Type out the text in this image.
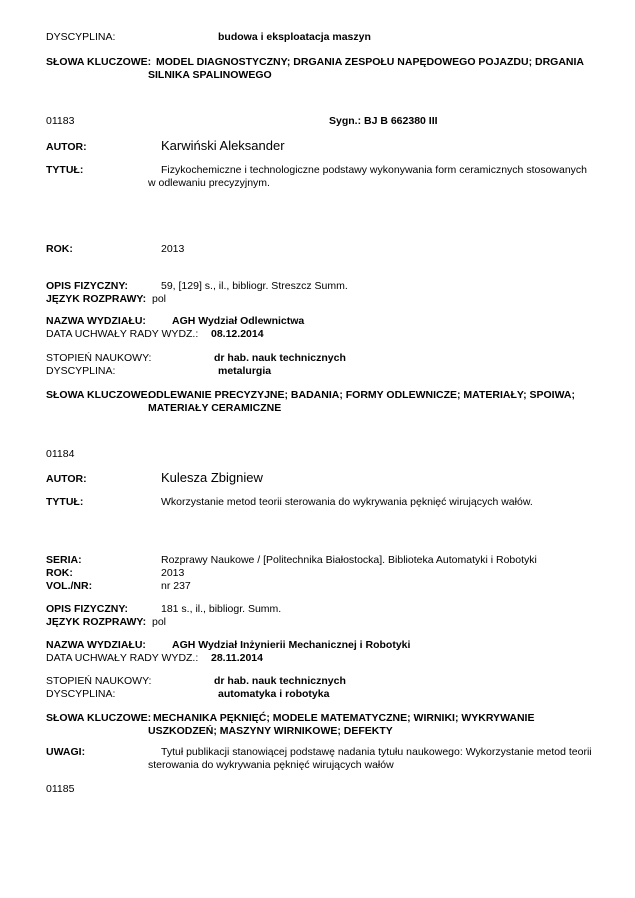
DYSCYPLINA:	budowa i eksploatacja maszyn
SŁOWA KLUCZOWE: MODEL DIAGNOSTYCZNY; DRGANIA ZESPOŁU NAPĘDOWEGO POJAZDU; DRGANIA
SILNIKA SPALINOWEGO
01183	Sygn.: BJ B 662380 III
AUTOR:	Karwiński Aleksander
TYTUŁ:	Fizykochemiczne i technologiczne podstawy wykonywania form ceramicznych stosowanych
w odlewaniu precyzyjnym.
ROK:	2013
OPIS FIZYCZNY:	59, [129] s., il., bibliogr. Streszcz Summ.
JĘZYK ROZPRAWY: pol
NAZWA WYDZIAŁU: AGH Wydział Odlewnictwa
DATA UCHWAŁY RADY WYDZ.: 08.12.2014
STOPIEŃ NAUKOWY:	dr hab. nauk technicznych
DYSCYPLINA:	metalurgia
SŁOWA KLUCZOWE:
ODLEWANIE PRECYZYJNE; BADANIA; FORMY ODLEWNICZE; MATERIAŁY; SPOIWA;
MATERIAŁY CERAMICZNE
01184
AUTOR:	Kulesza Zbigniew
TYTUŁ:	Wkorzystanie metod teorii sterowania do wykrywania pęknięć wirujących wałów.
SERIA:	Rozprawy Naukowe / [Politechnika Białostocka]. Biblioteka Automatyki i Robotyki
ROK:	2013
VOL./NR:	nr 237
OPIS FIZYCZNY:	181 s., il., bibliogr. Summ.
JĘZYK ROZPRAWY: pol
NAZWA WYDZIAŁU: AGH Wydział Inżynierii Mechanicznej i Robotyki
DATA UCHWAŁY RADY WYDZ.: 28.11.2014
STOPIEŃ NAUKOWY:	dr hab. nauk technicznych
DYSCYPLINA:	automatyka i robotyka
SŁOWA KLUCZOWE: MECHANIKA PĘKNIĘĆ; MODELE MATEMATYCZNE; WIRNIKI; WYKRYWANIE
USZKODZEŃ; MASZYNY WIRNIKOWE; DEFEKTY
UWAGI:	Tytuł publikacji stanowiącej podstawę nadania tytułu naukowego: Wykorzystanie metod teorii
sterowania do wykrywania pęknięć wirujących wałów
01185
